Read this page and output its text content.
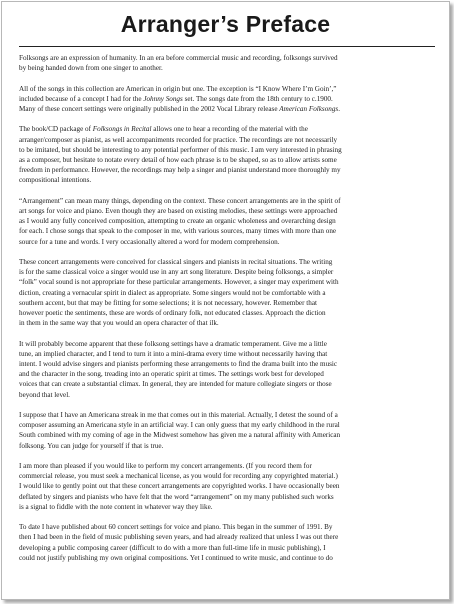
Arranger’s Preface

Folksongs are an expression of humanity. In an era before commercial music and recording, folksongs survived
by being handed down from one singer to another.

All of the songs in this collection are American in origin but one. The exception is “I Know Where I’m Goin’,”
included because of a concept I had for the Johnny Songs set. The songs date from the 18th century to c.1900.
Many of these concert settings were originally published in the 2002 Vocal Library release American Folksongs.

The book/CD package of Folksongs in Recital allows one to hear a recording of the material with the
arranger/composer as pianist, as well accompaniments recorded for practice. The recordings are not necessarily
to be imitated, but should be interesting to any potential performer of this music. I am very interested in phrasing
as a composer, but hesitate to notate every detail of how each phrase is to be shaped, so as to allow artists some
freedom in performance. However, the recordings may help a singer and pianist understand more thoroughly my
compositional intentions.

“Arrangement” can mean many things, depending on the context. These concert arrangements are in the spirit of
art songs for voice and piano. Even though they are based on existing melodies, these settings were approached
as I would any fully conceived composition, attempting to create an organic wholeness and overarching design
for each. I chose songs that speak to the composer in me, with various sources, many times with more than one
source for a tune and words. I very occasionally altered a word for modern comprehension.

These concert arrangements were conceived for classical singers and pianists in recital situations. The writing
is for the same classical voice a singer would use in any art song literature. Despite being folksongs, a simpler
“folk” vocal sound is not appropriate for these particular arrangements. However, a singer may experiment with
diction, creating a vernacular spirit in dialect as appropriate. Some singers would not be comfortable with a
southern accent, but that may be fitting for some selections; it is not necessary, however. Remember that
however poetic the sentiments, these are words of ordinary folk, not educated classes. Approach the diction
in them in the same way that you would an opera character of that ilk.

It will probably become apparent that these folksong settings have a dramatic temperament. Give me a little
tune, an implied character, and I tend to turn it into a mini-drama every time without necessarily having that
intent. I would advise singers and pianists performing these arrangements to find the drama built into the music
and the character in the song, treading into an operatic spirit at times. The settings work best for developed
voices that can create a substantial climax. In general, they are intended for mature collegiate singers or those
beyond that level.

I suppose that I have an Americana streak in me that comes out in this material. Actually, I detest the sound of a
composer assuming an Americana style in an artificial way. I can only guess that my early childhood in the rural
South combined with my coming of age in the Midwest somehow has given me a natural affinity with American
folksong. You can judge for yourself if that is true.

I am more than pleased if you would like to perform my concert arrangements. (If you record them for
commercial release, you must seek a mechanical license, as you would for recording any copyrighted material.)
I would like to gently point out that these concert arrangements are copyrighted works. I have occasionally been
deflated by singers and pianists who have felt that the word “arrangement” on my many published such works
is a signal to fiddle with the note content in whatever way they like.

To date I have published about 60 concert settings for voice and piano. This began in the summer of 1991. By
then I had been in the field of music publishing seven years, and had already realized that unless I was out there
developing a public composing career (difficult to do with a more than full-time life in music publishing), I
could not justify publishing my own original compositions. Yet I continued to write music, and continue to do
